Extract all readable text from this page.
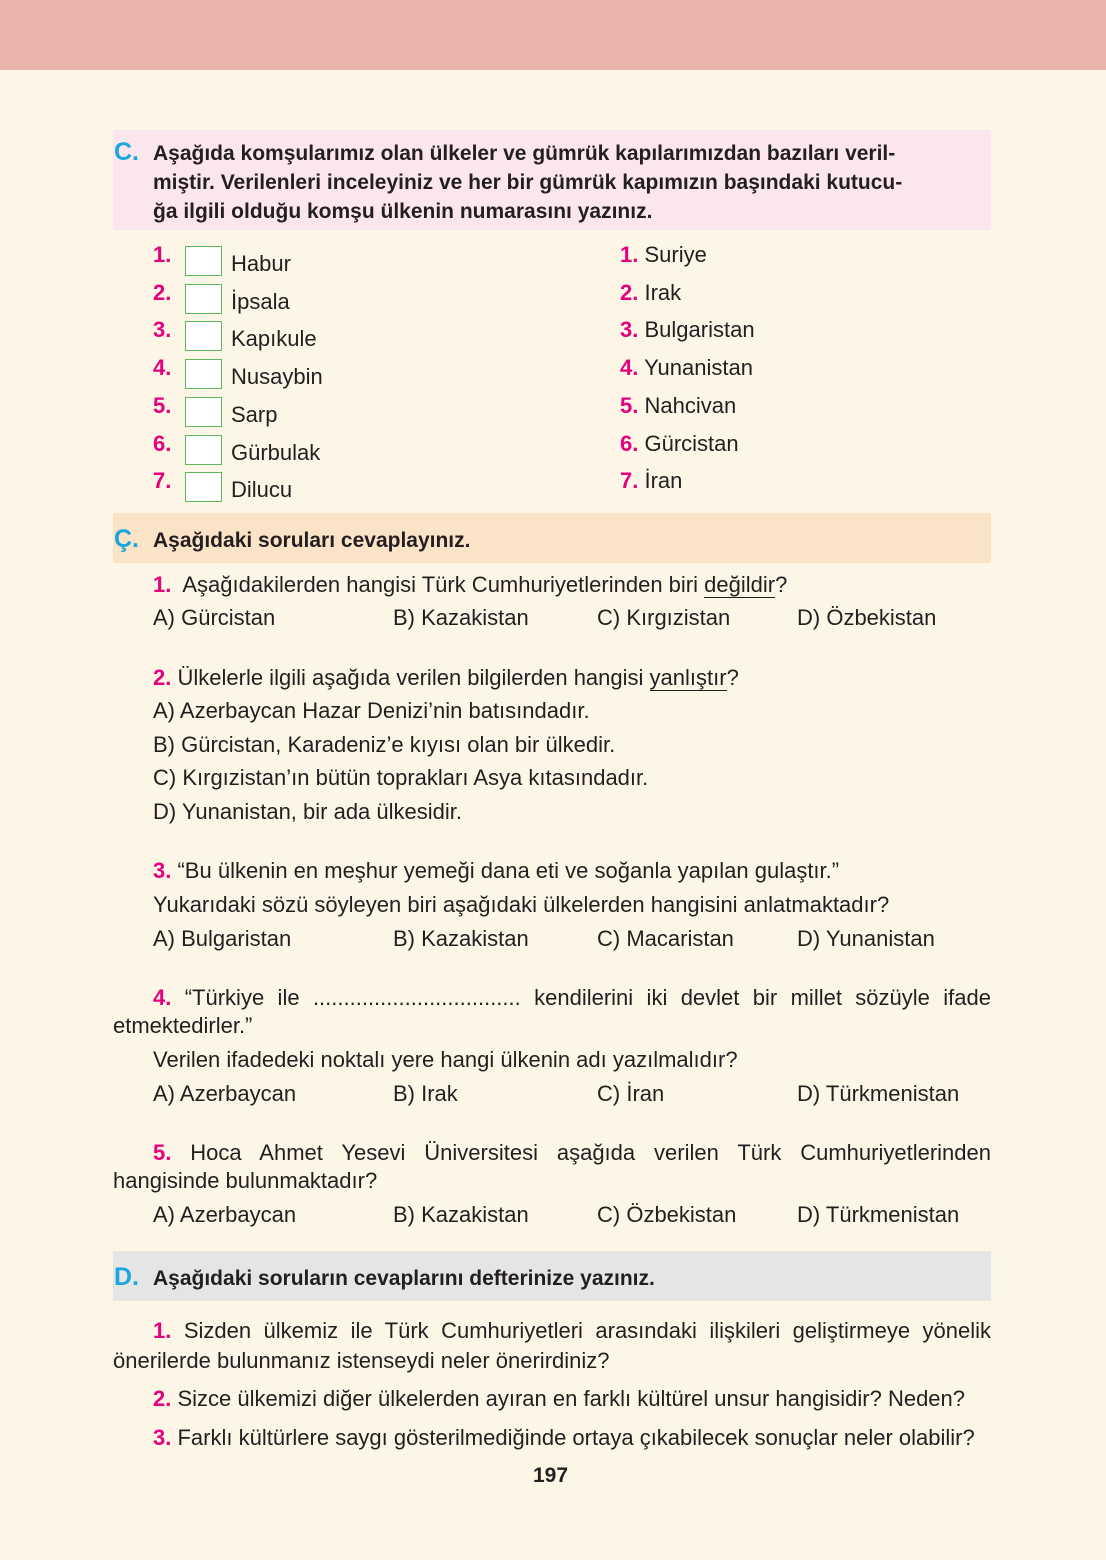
C. Aşağıda komşularımız olan ülkeler ve gümrük kapılarımızdan bazıları veril-
miştir. Verilenleri inceleyiniz ve her bir gümrük kapımızın başındaki kutucu-
ğa ilgili olduğu komşu ülkenin numarasını yazınız.
1.	Habur
2.	İpsala
3.	Kapıkule
4.	Nusaybin
5.	Sarp
6.	Gürbulak
7.	Dilucu
1. Suriye
2. Irak
3. Bulgaristan
4. Yunanistan
5. Nahcivan
6. Gürcistan
7. İran
Ç. Aşağıdaki soruları cevaplayınız.
1. Aşağıdakilerden hangisi Türk Cumhuriyetlerinden biri değildir?
A) Gürcistan	B) Kazakistan	C) Kırgızistan	D) Özbekistan
2. Ülkelerle ilgili aşağıda verilen bilgilerden hangisi yanlıştır?
A) Azerbaycan Hazar Denizi’nin batısındadır.
B) Gürcistan, Karadeniz’e kıyısı olan bir ülkedir.
C) Kırgızistan’ın bütün toprakları Asya kıtasındadır.
D) Yunanistan, bir ada ülkesidir.
3. “Bu ülkenin en meşhur yemeği dana eti ve soğanla yapılan gulaştır.”
Yukarıdaki sözü söyleyen biri aşağıdaki ülkelerden hangisini anlatmaktadır?
A) Bulgaristan	B) Kazakistan	C) Macaristan	D) Yunanistan
4. “Türkiye ile .................................. kendilerini iki devlet bir millet sözüyle ifade
etmektedirler.”
Verilen ifadedeki noktalı yere hangi ülkenin adı yazılmalıdır?
A) Azerbaycan	B) Irak	C) İran	D) Türkmenistan
5. Hoca Ahmet Yesevi Üniversitesi aşağıda verilen Türk Cumhuriyetlerinden
hangisinde bulunmaktadır?
A) Azerbaycan	B) Kazakistan	C) Özbekistan	D) Türkmenistan
D. Aşağıdaki soruların cevaplarını defterinize yazınız.
1. Sizden ülkemiz ile Türk Cumhuriyetleri arasındaki ilişkileri geliştirmeye yönelik
önerilerde bulunmanız istenseydi neler önerirdiniz?
2. Sizce ülkemizi diğer ülkelerden ayıran en farklı kültürel unsur hangisidir? Neden?
3. Farklı kültürlere saygı gösterilmediğinde ortaya çıkabilecek sonuçlar neler olabilir?
197
